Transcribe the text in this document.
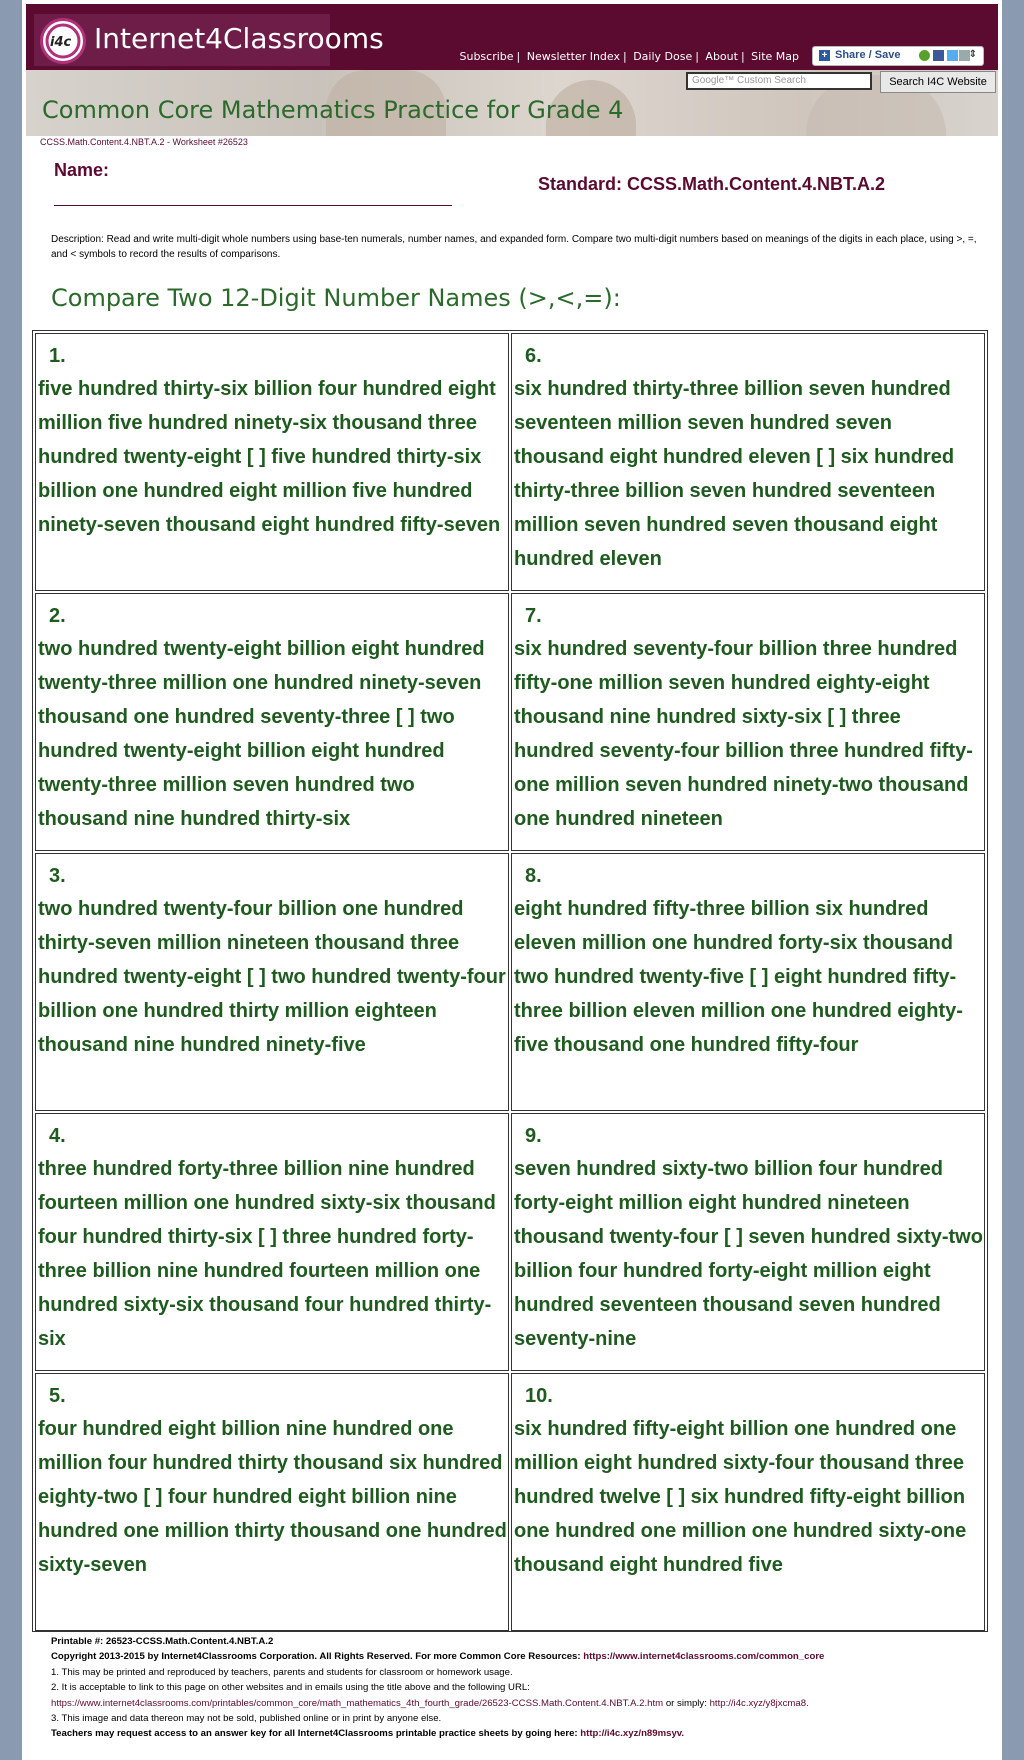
i4c Internet4Classrooms
Subscribe | Newsletter Index | Daily Dose | About | Site Map	+ Share / Save	⇕
Google™ Custom Search	Search I4C Website
Common Core Mathematics Practice for Grade 4
CCSS.Math.Content.4.NBT.A.2 - Worksheet #26523
Name:
Standard: CCSS.Math.Content.4.NBT.A.2
Description: Read and write multi-digit whole numbers using base-ten numerals, number names, and expanded form. Compare two multi-digit numbers based on meanings of the digits in each place, using >, =, and < symbols to record the results of comparisons.
Compare Two 12-Digit Number Names (>,<,=):
1.
five hundred thirty-six billion four hundred eight million five hundred ninety-six thousand three hundred twenty-eight [ ] five hundred thirty-six billion one hundred eight million five hundred ninety-seven thousand eight hundred fifty-seven
6.
six hundred thirty-three billion seven hundred seventeen million seven hundred seven thousand eight hundred eleven [ ] six hundred thirty-three billion seven hundred seventeen million seven hundred seven thousand eight hundred eleven
2.
two hundred twenty-eight billion eight hundred twenty-three million one hundred ninety-seven thousand one hundred seventy-three [ ] two hundred twenty-eight billion eight hundred twenty-three million seven hundred two thousand nine hundred thirty-six
7.
six hundred seventy-four billion three hundred fifty-one million seven hundred eighty-eight thousand nine hundred sixty-six [ ] three hundred seventy-four billion three hundred fifty-one million seven hundred ninety-two thousand one hundred nineteen
3.
two hundred twenty-four billion one hundred thirty-seven million nineteen thousand three hundred twenty-eight [ ] two hundred twenty-four billion one hundred thirty million eighteen thousand nine hundred ninety-five
8.
eight hundred fifty-three billion six hundred eleven million one hundred forty-six thousand two hundred twenty-five [ ] eight hundred fifty-three billion eleven million one hundred eighty-five thousand one hundred fifty-four
4.
three hundred forty-three billion nine hundred fourteen million one hundred sixty-six thousand four hundred thirty-six [ ] three hundred forty-three billion nine hundred fourteen million one hundred sixty-six thousand four hundred thirty-six
9.
seven hundred sixty-two billion four hundred forty-eight million eight hundred nineteen thousand twenty-four [ ] seven hundred sixty-two billion four hundred forty-eight million eight hundred seventeen thousand seven hundred seventy-nine
5.
four hundred eight billion nine hundred one million four hundred thirty thousand six hundred eighty-two [ ] four hundred eight billion nine hundred one million thirty thousand one hundred sixty-seven
10.
six hundred fifty-eight billion one hundred one million eight hundred sixty-four thousand three hundred twelve [ ] six hundred fifty-eight billion one hundred one million one hundred sixty-one thousand eight hundred five
Printable #: 26523-CCSS.Math.Content.4.NBT.A.2
Copyright 2013-2015 by Internet4Classrooms Corporation. All Rights Reserved. For more Common Core Resources: https://www.internet4classrooms.com/common_core
1. This may be printed and reproduced by teachers, parents and students for classroom or homework usage.
2. It is acceptable to link to this page on other websites and in emails using the title above and the following URL:
https://www.internet4classrooms.com/printables/common_core/math_mathematics_4th_fourth_grade/26523-CCSS.Math.Content.4.NBT.A.2.htm or simply: http://i4c.xyz/y8jxcma8.
3. This image and data thereon may not be sold, published online or in print by anyone else.
Teachers may request access to an answer key for all Internet4Classrooms printable practice sheets by going here: http://i4c.xyz/n89msyv.
